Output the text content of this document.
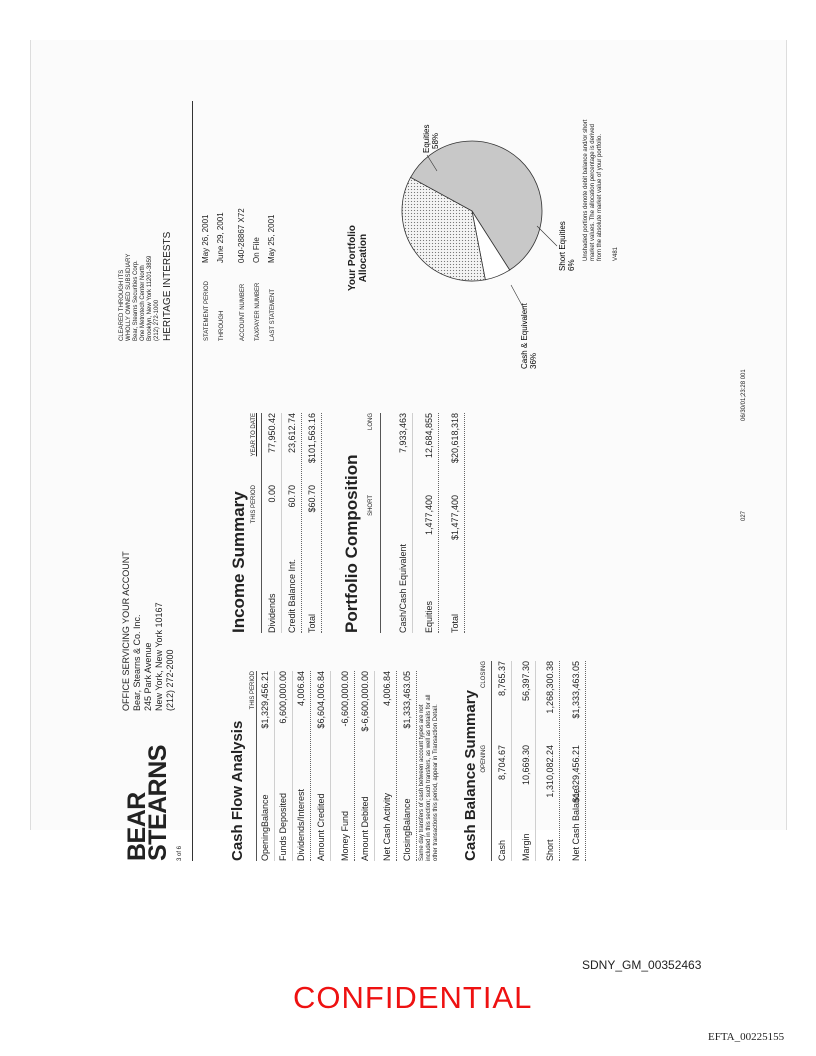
BEAR
STEARNS 3 of 6
OFFICE SERVICING YOUR ACCOUNT Bear, Stearns & Co. Inc. 245 Park Avenue New York, New York 10167 (212) 272-2000
CLEARED THROUGH ITS WHOLLY OWNED SUBSIDIARY Bear, Stearns Securities Corp. One Metrotech Center North Brooklyn, New York 11201-3859 (212) 272-1000 HERITAGE INTERESTS	STATEMENT PERIODMay 26, 2001
THROUGHJune 29, 2001
ACCOUNT NUMBER040-28867 X72
TAXPAYER NUMBEROn File
LAST STATEMENTMay 25, 2001
Cash Flow Analysis
THIS PERIOD
OpeningBalance
$1,329,456.21
Funds Deposited
6,600,000.00
Dividends/Interest
4,006.84
Amount Credited
$6,604,006.84
Money Fund
-6,600,000.00
Amount Debited
$-6,600,000.00
Net Cash Activity
4,006.84
ClosingBalance
$1,333,463.05
Same day transfers of cash between account types are not included in this section; such transfers, as well as details for all other transactions this period, appear in Transaction Detail. Cash Balance Summary OPENING
CLOSING
Cash
8,704.67
8,765.37
Margin
10,669.30
56,397.30
Short
1,310,082.24
1,268,300.38
Net Cash Balance
$1,329,456.21
$1,333,463.05
Income Summary THIS PERIOD
YEAR TO DATE
Dividends
0.00
77,950.42
Credit Balance Int.
60.70
23,612.74
Total
$60.70
$101,563.16
Portfolio Composition SHORT
LONG
Cash/Cash Equivalent
7,933,463
Equities
1,477,400
12,684,855
Total
$1,477,400
$20,618,318
Your Portfolio Allocation
Cash & Equivalent 36%
Short Equities 6%
Equities 58%	Unshaded portions denote debit balance and/or short market values. The allocation percentage is derived from the absolute market value of your portfolio. V481
027
06/30/01;23:28 001
SDNY_GM_00352463
CONFIDENTIAL
EFTA_00225155
